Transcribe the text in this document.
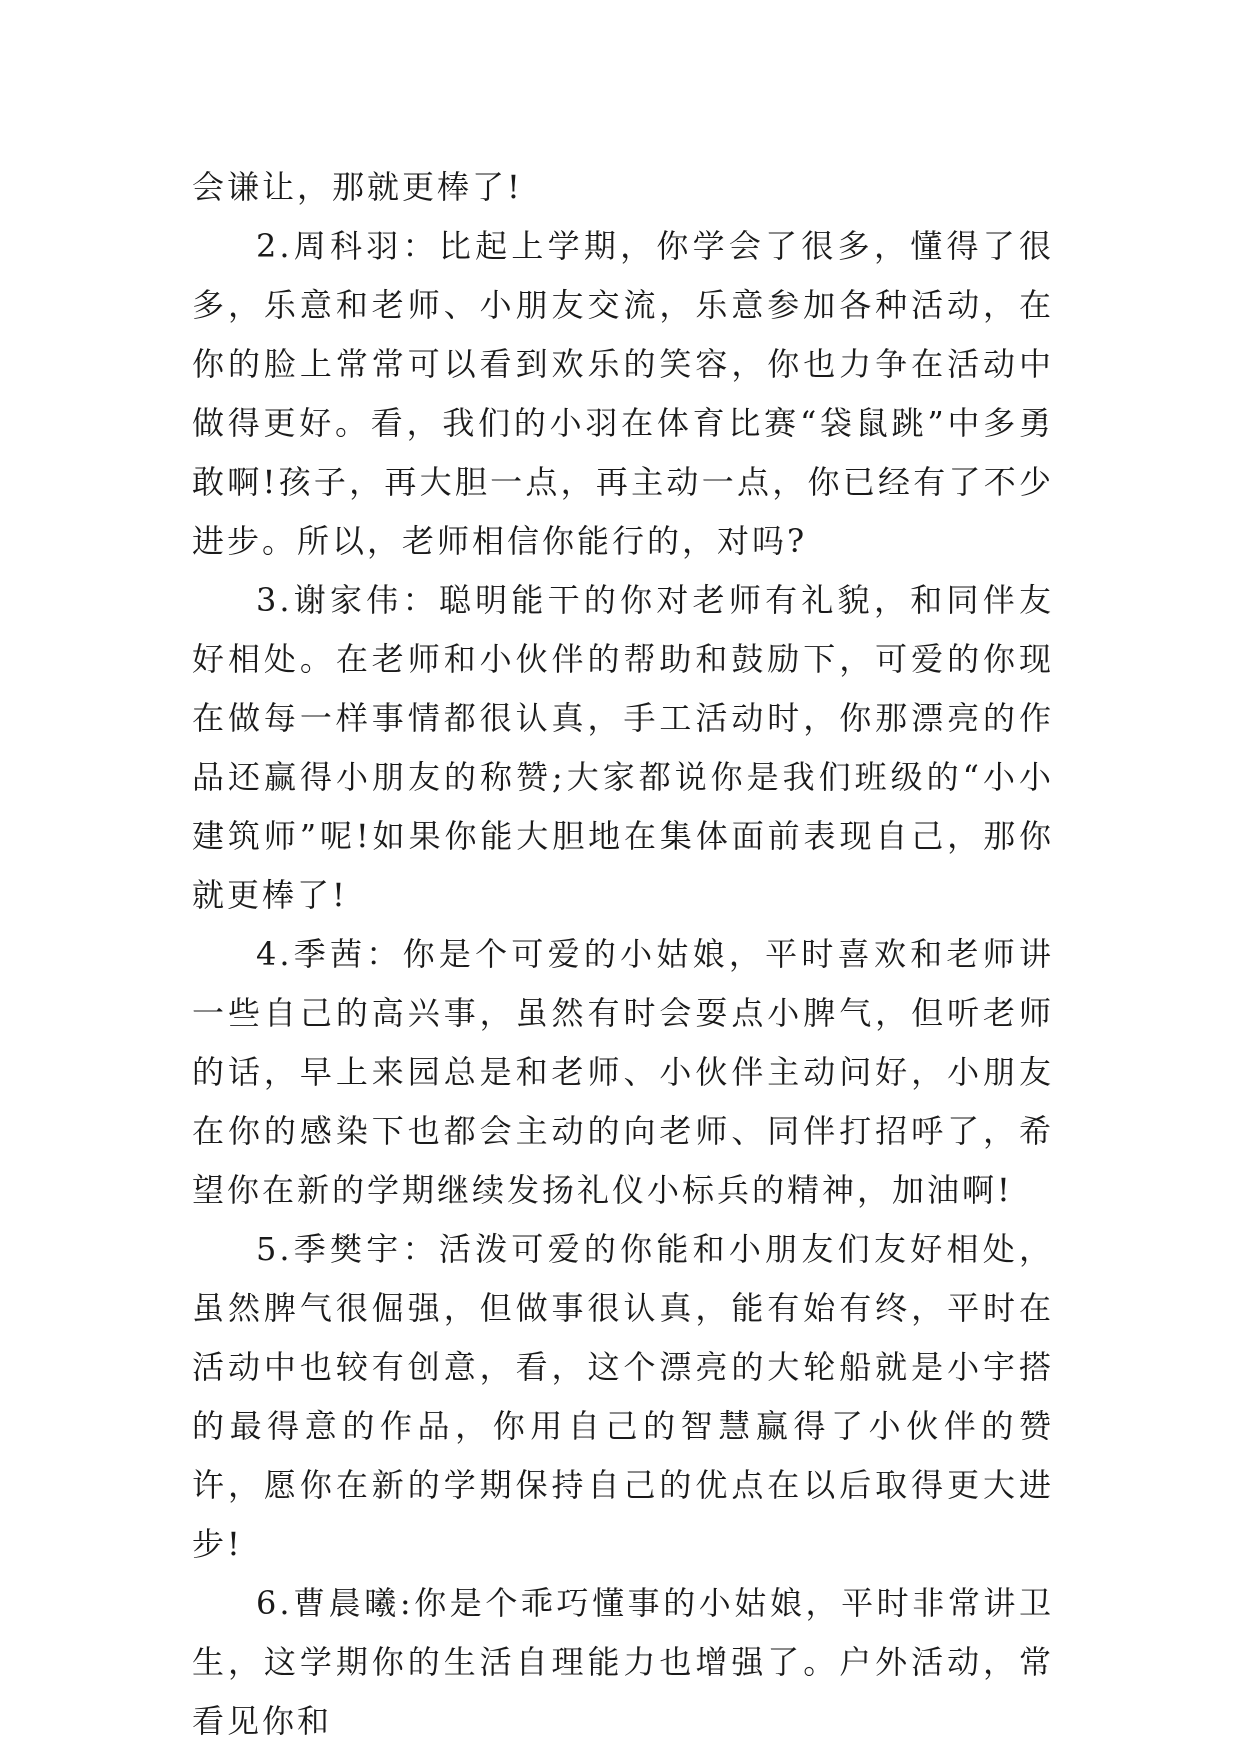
会谦让，那就更棒了!

2.周科羽：比起上学期，你学会了很多，懂得了很多，乐意和老师、小朋友交流，乐意参加各种活动，在你的脸上常常可以看到欢乐的笑容，你也力争在活动中做得更好。看，我们的小羽在体育比赛“袋鼠跳”中多勇敢啊!孩子，再大胆一点，再主动一点，你已经有了不少进步。所以，老师相信你能行的，对吗?

3.谢家伟：聪明能干的你对老师有礼貌，和同伴友好相处。在老师和小伙伴的帮助和鼓励下，可爱的你现在做每一样事情都很认真，手工活动时，你那漂亮的作品还赢得小朋友的称赞;大家都说你是我们班级的“小小建筑师”呢!如果你能大胆地在集体面前表现自己，那你就更棒了!

4.季茜：你是个可爱的小姑娘，平时喜欢和老师讲一些自己的高兴事，虽然有时会耍点小脾气，但听老师的话，早上来园总是和老师、小伙伴主动问好，小朋友在你的感染下也都会主动的向老师、同伴打招呼了，希望你在新的学期继续发扬礼仪小标兵的精神，加油啊!

5.季樊宇：活泼可爱的你能和小朋友们友好相处，虽然脾气很倔强，但做事很认真，能有始有终，平时在活动中也较有创意，看，这个漂亮的大轮船就是小宇搭的最得意的作品，你用自己的智慧赢得了小伙伴的赞许，愿你在新的学期保持自己的优点在以后取得更大进步!

6.曹晨曦:你是个乖巧懂事的小姑娘，平时非常讲卫生，这学期你的生活自理能力也增强了。户外活动，常看见你和
